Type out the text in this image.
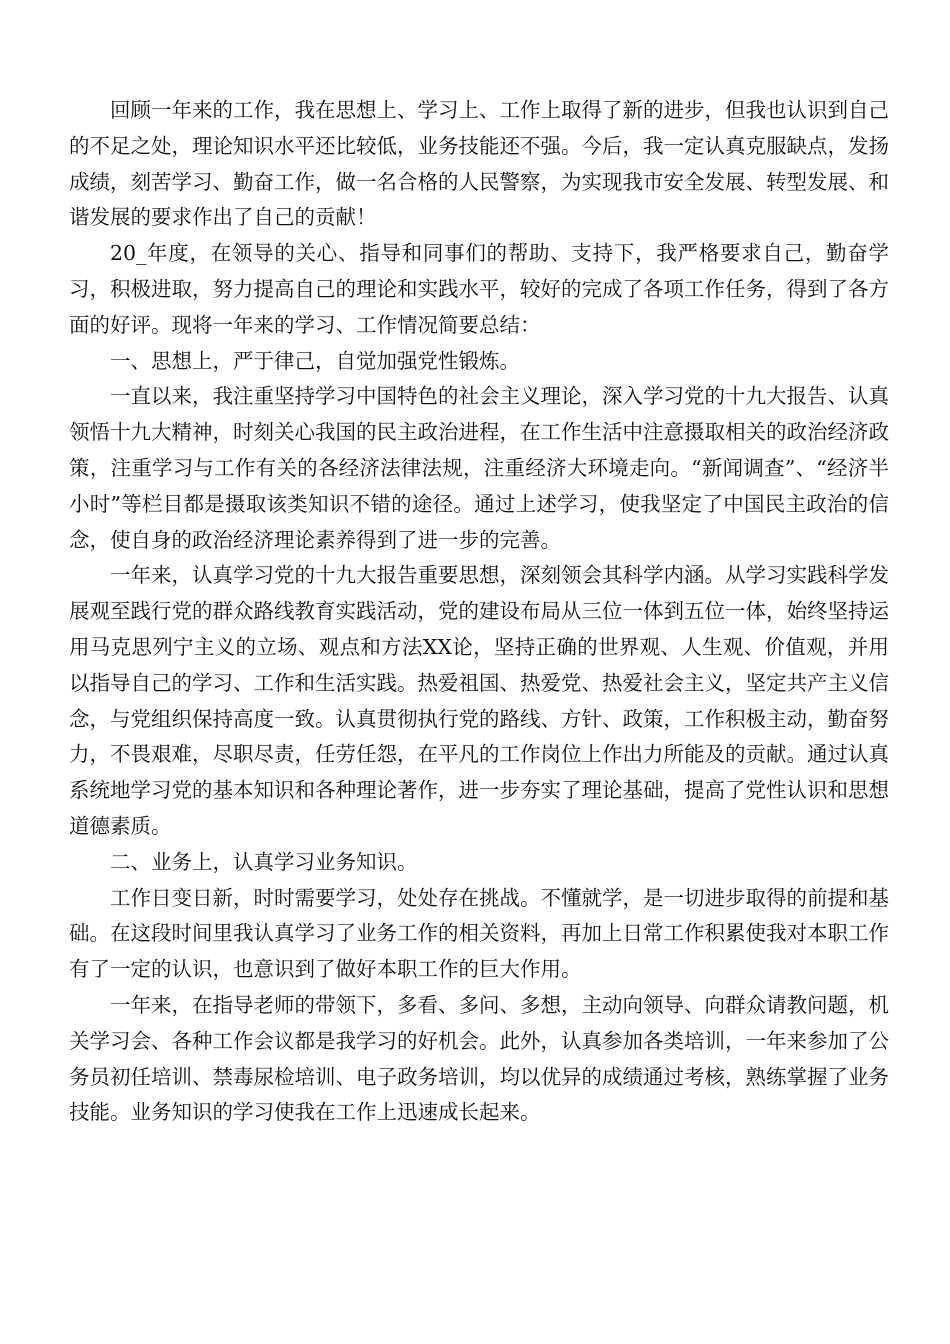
回顾一年来的工作，我在思想上、学习上、工作上取得了新的进步，但我也认识到自己的不足之处，理论知识水平还比较低，业务技能还不强。今后，我一定认真克服缺点，发扬成绩，刻苦学习、勤奋工作，做一名合格的人民警察，为实现我市安全发展、转型发展、和谐发展的要求作出了自己的贡献！

20_年度，在领导的关心、指导和同事们的帮助、支持下，我严格要求自己，勤奋学习，积极进取，努力提高自己的理论和实践水平，较好的完成了各项工作任务，得到了各方面的好评。现将一年来的学习、工作情况简要总结：

一、思想上，严于律己，自觉加强党性锻炼。

一直以来，我注重坚持学习中国特色的社会主义理论，深入学习党的十九大报告、认真领悟十九大精神，时刻关心我国的民主政治进程，在工作生活中注意摄取相关的政治经济政策，注重学习与工作有关的各经济法律法规，注重经济大环境走向。“新闻调查”、“经济半小时”等栏目都是摄取该类知识不错的途径。通过上述学习，使我坚定了中国民主政治的信念，使自身的政治经济理论素养得到了进一步的完善。

一年来，认真学习党的十九大报告重要思想，深刻领会其科学内涵。从学习实践科学发展观至践行党的群众路线教育实践活动，党的建设布局从三位一体到五位一体，始终坚持运用马克思列宁主义的立场、观点和方法XX论，坚持正确的世界观、人生观、价值观，并用以指导自己的学习、工作和生活实践。热爱祖国、热爱党、热爱社会主义，坚定共产主义信念，与党组织保持高度一致。认真贯彻执行党的路线、方针、政策，工作积极主动，勤奋努力，不畏艰难，尽职尽责，任劳任怨，在平凡的工作岗位上作出力所能及的贡献。通过认真系统地学习党的基本知识和各种理论著作，进一步夯实了理论基础，提高了党性认识和思想道德素质。

二、业务上，认真学习业务知识。

工作日变日新，时时需要学习，处处存在挑战。不懂就学，是一切进步取得的前提和基础。在这段时间里我认真学习了业务工作的相关资料，再加上日常工作积累使我对本职工作有了一定的认识，也意识到了做好本职工作的巨大作用。

一年来，在指导老师的带领下，多看、多问、多想，主动向领导、向群众请教问题，机关学习会、各种工作会议都是我学习的好机会。此外，认真参加各类培训，一年来参加了公务员初任培训、禁毒尿检培训、电子政务培训，均以优异的成绩通过考核，熟练掌握了业务技能。业务知识的学习使我在工作上迅速成长起来。
